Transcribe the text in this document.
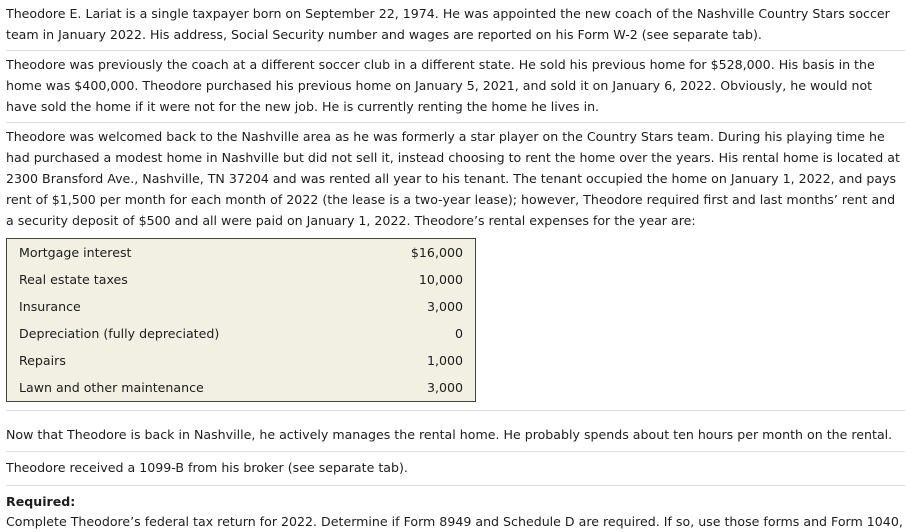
Theodore E. Lariat is a single taxpayer born on September 22, 1974. He was appointed the new coach of the Nashville Country Stars soccer team in January 2022. His address, Social Security number and wages are reported on his Form W-2 (see separate tab).

Theodore was previously the coach at a different soccer club in a different state. He sold his previous home for $528,000. His basis in the home was $400,000. Theodore purchased his previous home on January 5, 2021, and sold it on January 6, 2022. Obviously, he would not have sold the home if it were not for the new job. He is currently renting the home he lives in.

Theodore was welcomed back to the Nashville area as he was formerly a star player on the Country Stars team. During his playing time he had purchased a modest home in Nashville but did not sell it, instead choosing to rent the home over the years. His rental home is located at 2300 Bransford Ave., Nashville, TN 37204 and was rented all year to his tenant. The tenant occupied the home on January 1, 2022, and pays rent of $1,500 per month for each month of 2022 (the lease is a two-year lease); however, Theodore required first and last months’ rent and a security deposit of $500 and all were paid on January 1, 2022. Theodore’s rental expenses for the year are:

Mortgage interest	$16,000
Real estate taxes	10,000
Insurance	3,000
Depreciation (fully depreciated)	0
Repairs	1,000
Lawn and other maintenance	3,000

Now that Theodore is back in Nashville, he actively manages the rental home. He probably spends about ten hours per month on the rental.

Theodore received a 1099-B from his broker (see separate tab).

Required:

Complete Theodore’s federal tax return for 2022. Determine if Form 8949 and Schedule D are required. If so, use those forms and Form 1040,
